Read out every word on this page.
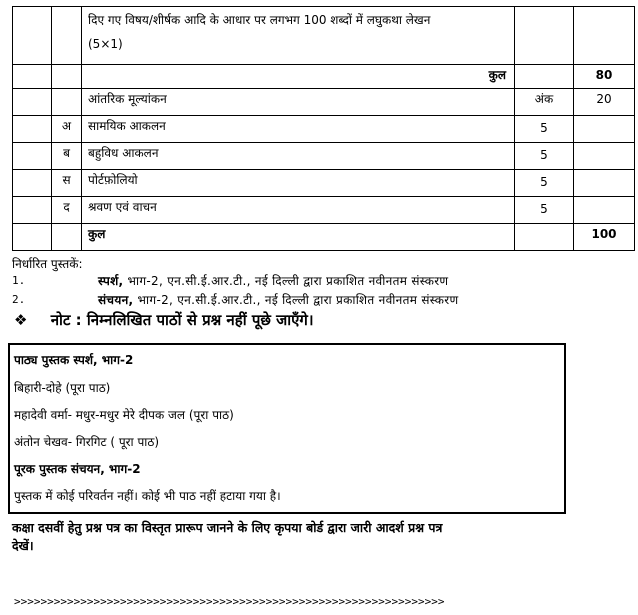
		दिए गए विषय/शीर्षक आदि के आधार पर लगभग 100 शब्दों में लघुकथा लेखन
(5×1)		

		कुल		80
		आंतरिक मूल्यांकन	अंक	20
	अ	सामयिक आकलन	5	
	ब	बहुविध आकलन	5	
	स	पोर्टफ़ोलियो	5	
	द	श्रवण एवं वाचन	5	
		कुल		100
निर्धारित पुस्तकें:
1.	स्पर्श, भाग-2, एन.सी.ई.आर.टी., नई दिल्ली द्वारा प्रकाशित नवीनतम संस्करण
2.	संचयन, भाग-2, एन.सी.ई.आर.टी., नई दिल्ली द्वारा प्रकाशित नवीनतम संस्करण
❖ नोट : निम्नलिखित पाठों से प्रश्न नहीं पूछे जाएँगे।
पाठ्य पुस्तक स्पर्श, भाग-2
बिहारी-दोहे (पूरा पाठ)
महादेवी वर्मा- मधुर-मधुर मेरे दीपक जल (पूरा पाठ)
अंतोन चेखव- गिरगिट ( पूरा पाठ)
पूरक पुस्तक संचयन, भाग-2
पुस्तक में कोई परिवर्तन नहीं। कोई भी पाठ नहीं हटाया गया है।
कक्षा दसवीं हेतु प्रश्न पत्र का विस्तृत प्रारूप जानने के लिए कृपया बोर्ड द्वारा जारी आदर्श प्रश्न पत्र
देखें।
>>>>>>>>>>>>>>>>>>>>>>>>>>>>>>>>>>>>>>>>>>>>>>>>>>>>>>>>>>>>>>>>>
